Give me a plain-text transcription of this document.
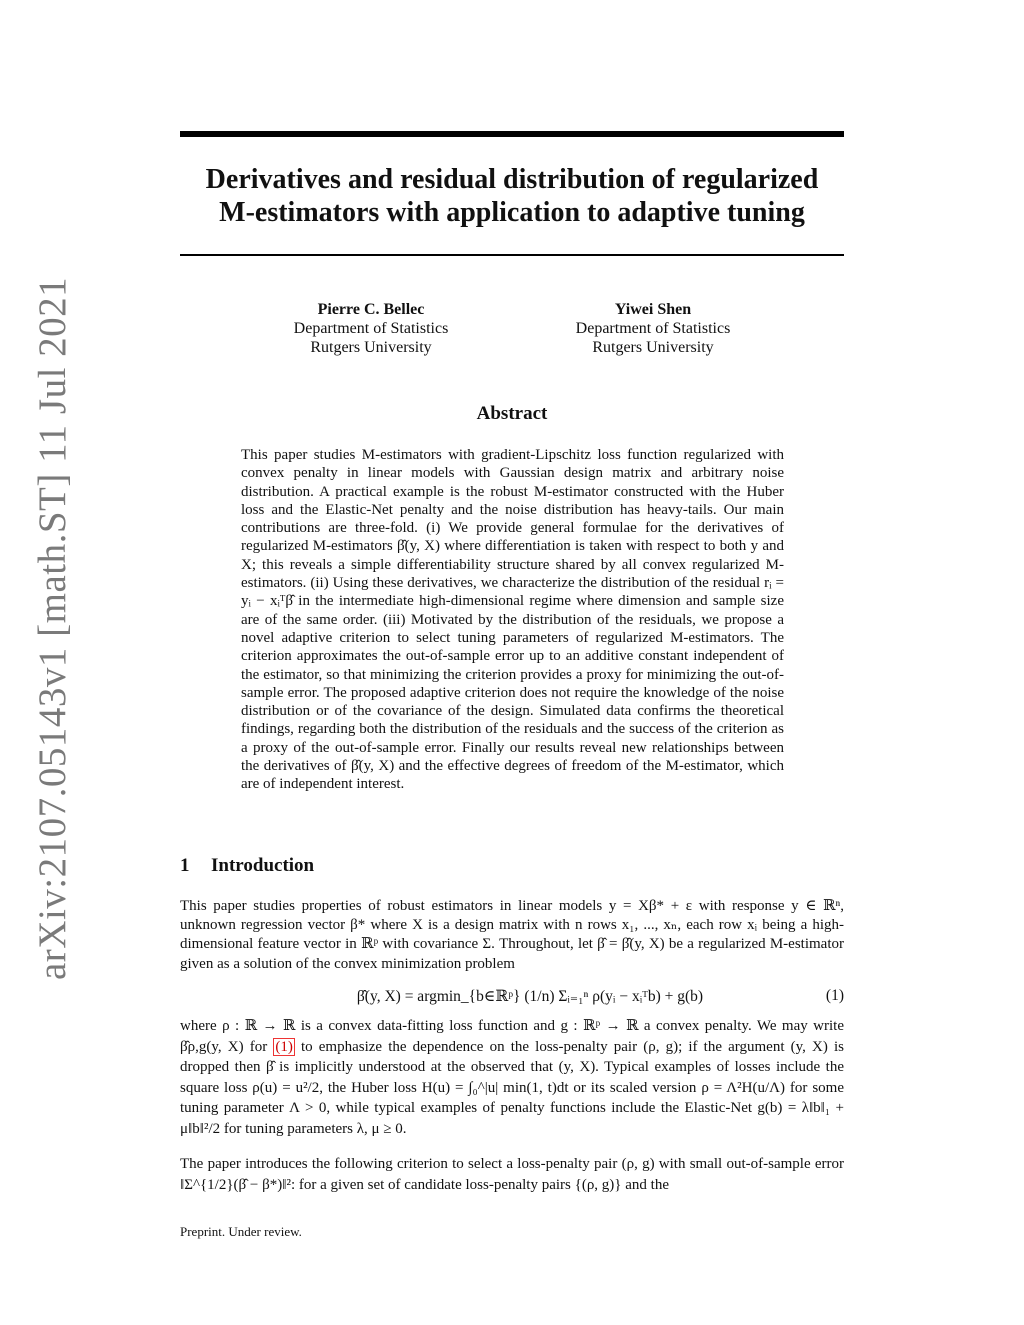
arXiv:2107.05143v1 [math.ST] 11 Jul 2021
Derivatives and residual distribution of regularized
M-estimators with application to adaptive tuning
Pierre C. Bellec
Department of Statistics
Rutgers University
Yiwei Shen
Department of Statistics
Rutgers University
Abstract
This paper studies M-estimators with gradient-Lipschitz loss function regularized with convex penalty in linear models with Gaussian design matrix and arbitrary noise distribution. A practical example is the robust M-estimator constructed with the Huber loss and the Elastic-Net penalty and the noise distribution has heavy-tails. Our main contributions are three-fold. (i) We provide general formulae for the derivatives of regularized M-estimators β̂(y, X) where differentiation is taken with respect to both y and X; this reveals a simple differentiability structure shared by all convex regularized M-estimators. (ii) Using these derivatives, we characterize the distribution of the residual rᵢ = yᵢ − xᵢᵀβ̂ in the intermediate high-dimensional regime where dimension and sample size are of the same order. (iii) Motivated by the distribution of the residuals, we propose a novel adaptive criterion to select tuning parameters of regularized M-estimators. The criterion approximates the out-of-sample error up to an additive constant independent of the estimator, so that minimizing the criterion provides a proxy for minimizing the out-of-sample error. The proposed adaptive criterion does not require the knowledge of the noise distribution or of the covariance of the design. Simulated data confirms the theoretical findings, regarding both the distribution of the residuals and the success of the criterion as a proxy of the out-of-sample error. Finally our results reveal new relationships between the derivatives of β̂(y, X) and the effective degrees of freedom of the M-estimator, which are of independent interest.
1 Introduction
This paper studies properties of robust estimators in linear models y = Xβ* + ε with response y ∈ ℝⁿ, unknown regression vector β* where X is a design matrix with n rows x₁, ..., xₙ, each row xᵢ being a high-dimensional feature vector in ℝᵖ with covariance Σ. Throughout, let β̂ = β̂(y, X) be a regularized M-estimator given as a solution of the convex minimization problem
β̂(y, X) = argmin_{b∈ℝᵖ} (1/n) Σᵢ₌₁ⁿ ρ(yᵢ − xᵢᵀb) + g(b)	(1)
where ρ : ℝ → ℝ is a convex data-fitting loss function and g : ℝᵖ → ℝ a convex penalty. We may write β̂ρ,g(y, X) for (1) to emphasize the dependence on the loss-penalty pair (ρ, g); if the argument (y, X) is dropped then β̂ is implicitly understood at the observed that (y, X). Typical examples of losses include the square loss ρ(u) = u²/2, the Huber loss H(u) = ∫₀^|u| min(1, t)dt or its scaled version ρ = Λ²H(u/Λ) for some tuning parameter Λ > 0, while typical examples of penalty functions include the Elastic-Net g(b) = λ‖b‖₁ + μ‖b‖²/2 for tuning parameters λ, μ ≥ 0.
The paper introduces the following criterion to select a loss-penalty pair (ρ, g) with small out-of-sample error ‖Σ^{1/2}(β̂ − β*)‖²: for a given set of candidate loss-penalty pairs {(ρ, g)} and the
Preprint. Under review.
